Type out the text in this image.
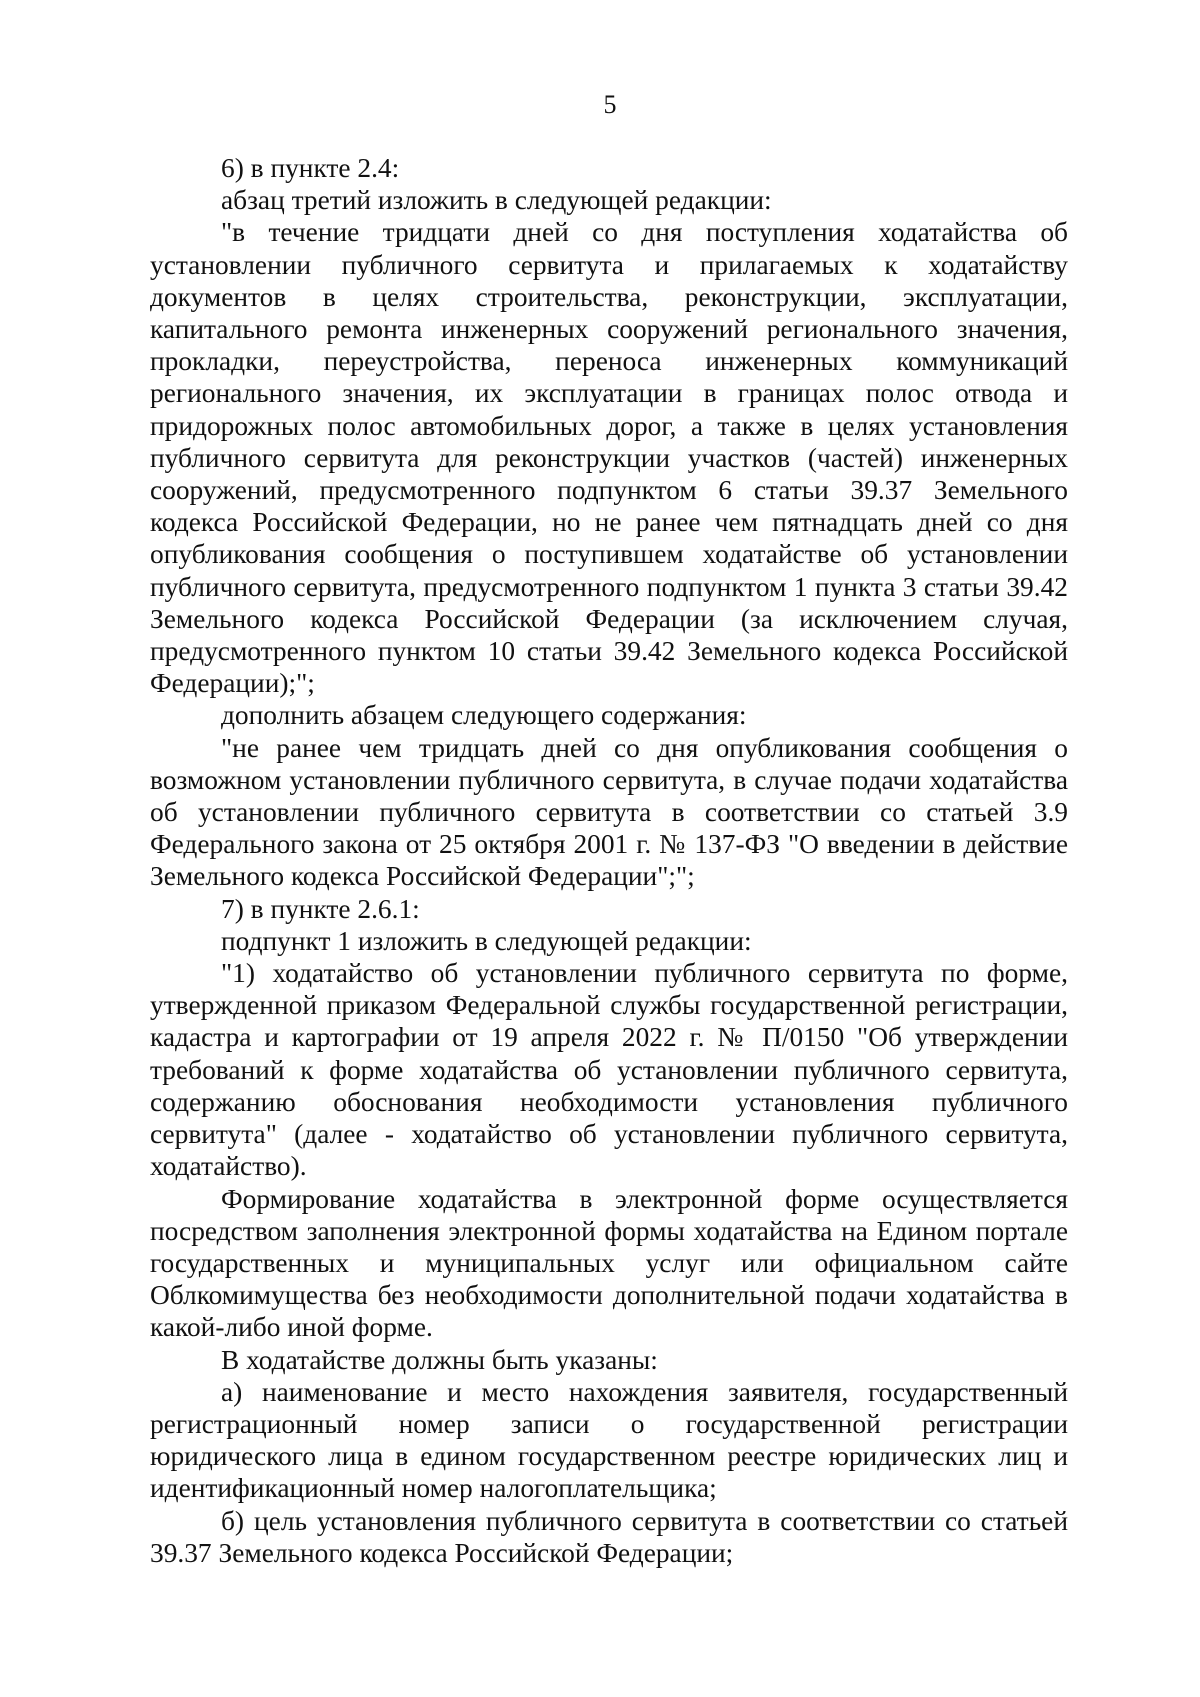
5

6) в пункте 2.4:

абзац третий изложить в следующей редакции:

"в течение тридцати дней со дня поступления ходатайства об установлении публичного сервитута и прилагаемых к ходатайству документов в целях строительства, реконструкции, эксплуатации, капитального ремонта инженерных сооружений регионального значения, прокладки, переустройства, переноса инженерных коммуникаций регионального значения, их эксплуатации в границах полос отвода и придорожных полос автомобильных дорог, а также в целях установления публичного сервитута для реконструкции участков (частей) инженерных сооружений, предусмотренного подпунктом 6 статьи 39.37 Земельного кодекса Российской Федерации, но не ранее чем пятнадцать дней со дня опубликования сообщения о поступившем ходатайстве об установлении публичного сервитута, предусмотренного подпунктом 1 пункта 3 статьи 39.42 Земельного кодекса Российской Федерации (за исключением случая, предусмотренного пунктом 10 статьи 39.42 Земельного кодекса Российской Федерации);";

дополнить абзацем следующего содержания:

"не ранее чем тридцать дней со дня опубликования сообщения о возможном установлении публичного сервитута, в случае подачи ходатайства об установлении публичного сервитута в соответствии со статьей 3.9 Федерального закона от 25 октября 2001 г. № 137-ФЗ "О введении в действие Земельного кодекса Российской Федерации";";

7) в пункте 2.6.1:

подпункт 1 изложить в следующей редакции:

"1) ходатайство об установлении публичного сервитута по форме, утвержденной приказом Федеральной службы государственной регистрации, кадастра и картографии от 19 апреля 2022 г. № П/0150 "Об утверждении требований к форме ходатайства об установлении публичного сервитута, содержанию обоснования необходимости установления публичного сервитута" (далее - ходатайство об установлении публичного сервитута, ходатайство).

Формирование ходатайства в электронной форме осуществляется посредством заполнения электронной формы ходатайства на Едином портале государственных и муниципальных услуг или официальном сайте Облкомимущества без необходимости дополнительной подачи ходатайства в какой-либо иной форме.

В ходатайстве должны быть указаны:

а) наименование и место нахождения заявителя, государственный регистрационный номер записи о государственной регистрации юридического лица в едином государственном реестре юридических лиц и идентификационный номер налогоплательщика;

б) цель установления публичного сервитута в соответствии со статьей 39.37 Земельного кодекса Российской Федерации;
